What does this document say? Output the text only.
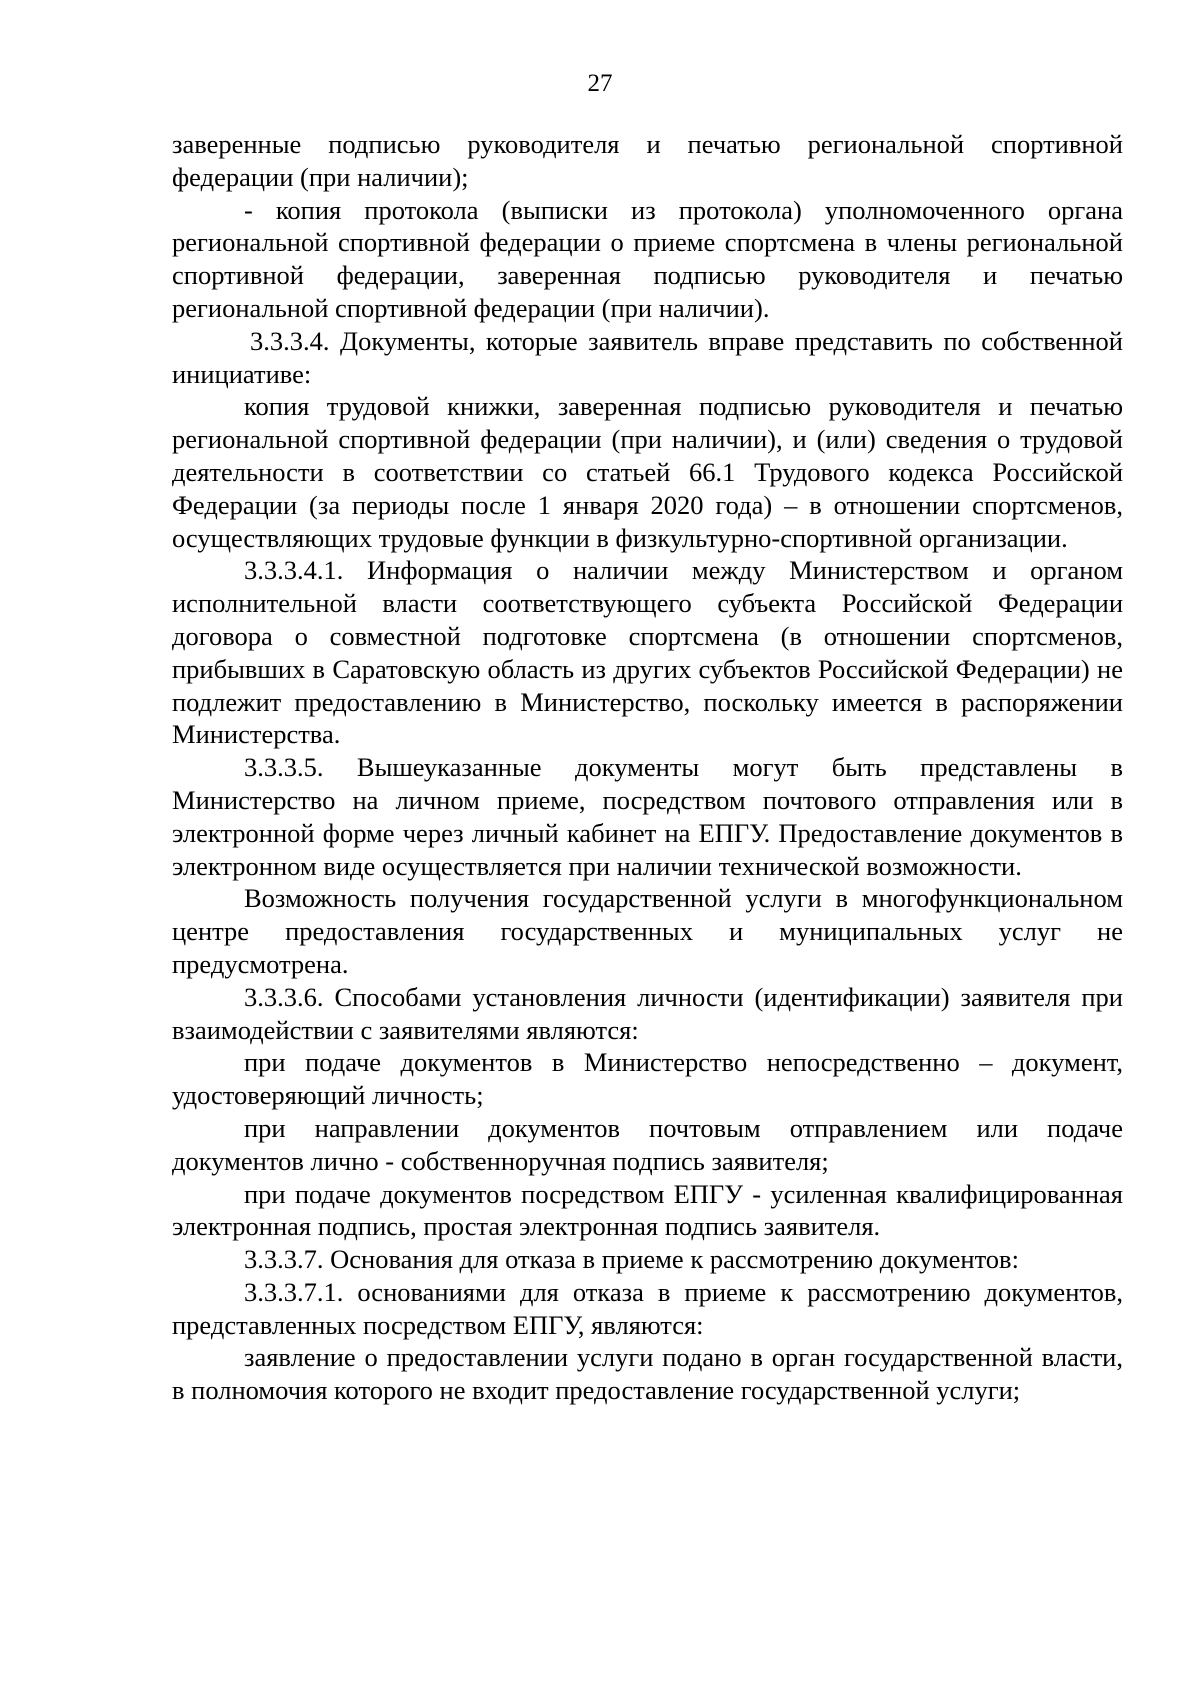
27

заверенные подписью руководителя и печатью региональной спортивной федерации (при наличии);

- копия протокола (выписки из протокола) уполномоченного органа региональной спортивной федерации о приеме спортсмена в члены региональной спортивной федерации, заверенная подписью руководителя и печатью региональной спортивной федерации (при наличии).

3.3.3.4. Документы, которые заявитель вправе представить по собственной инициативе:

копия трудовой книжки, заверенная подписью руководителя и печатью региональной спортивной федерации (при наличии), и (или) сведения о трудовой деятельности в соответствии со статьей 66.1 Трудового кодекса Российской Федерации (за периоды после 1 января 2020 года) – в отношении спортсменов, осуществляющих трудовые функции в физкультурно-спортивной организации.

3.3.3.4.1. Информация о наличии между Министерством и органом исполнительной власти соответствующего субъекта Российской Федерации договора о совместной подготовке спортсмена (в отношении спортсменов, прибывших в Саратовскую область из других субъектов Российской Федерации) не подлежит предоставлению в Министерство, поскольку имеется в распоряжении Министерства.

3.3.3.5. Вышеуказанные документы могут быть представлены в Министерство на личном приеме, посредством почтового отправления или в электронной форме через личный кабинет на ЕПГУ. Предоставление документов в электронном виде осуществляется при наличии технической возможности.

Возможность получения государственной услуги в многофункциональном центре предоставления государственных и муниципальных услуг не предусмотрена.

3.3.3.6. Способами установления личности (идентификации) заявителя при взаимодействии с заявителями являются:

при подаче документов в Министерство непосредственно – документ, удостоверяющий личность;

при направлении документов почтовым отправлением или подаче документов лично - собственноручная подпись заявителя;

при подаче документов посредством ЕПГУ - усиленная квалифицированная электронная подпись, простая электронная подпись заявителя.

3.3.3.7. Основания для отказа в приеме к рассмотрению документов:

3.3.3.7.1. основаниями для отказа в приеме к рассмотрению документов, представленных посредством ЕПГУ, являются:

заявление о предоставлении услуги подано в орган государственной власти, в полномочия которого не входит предоставление государственной услуги;
